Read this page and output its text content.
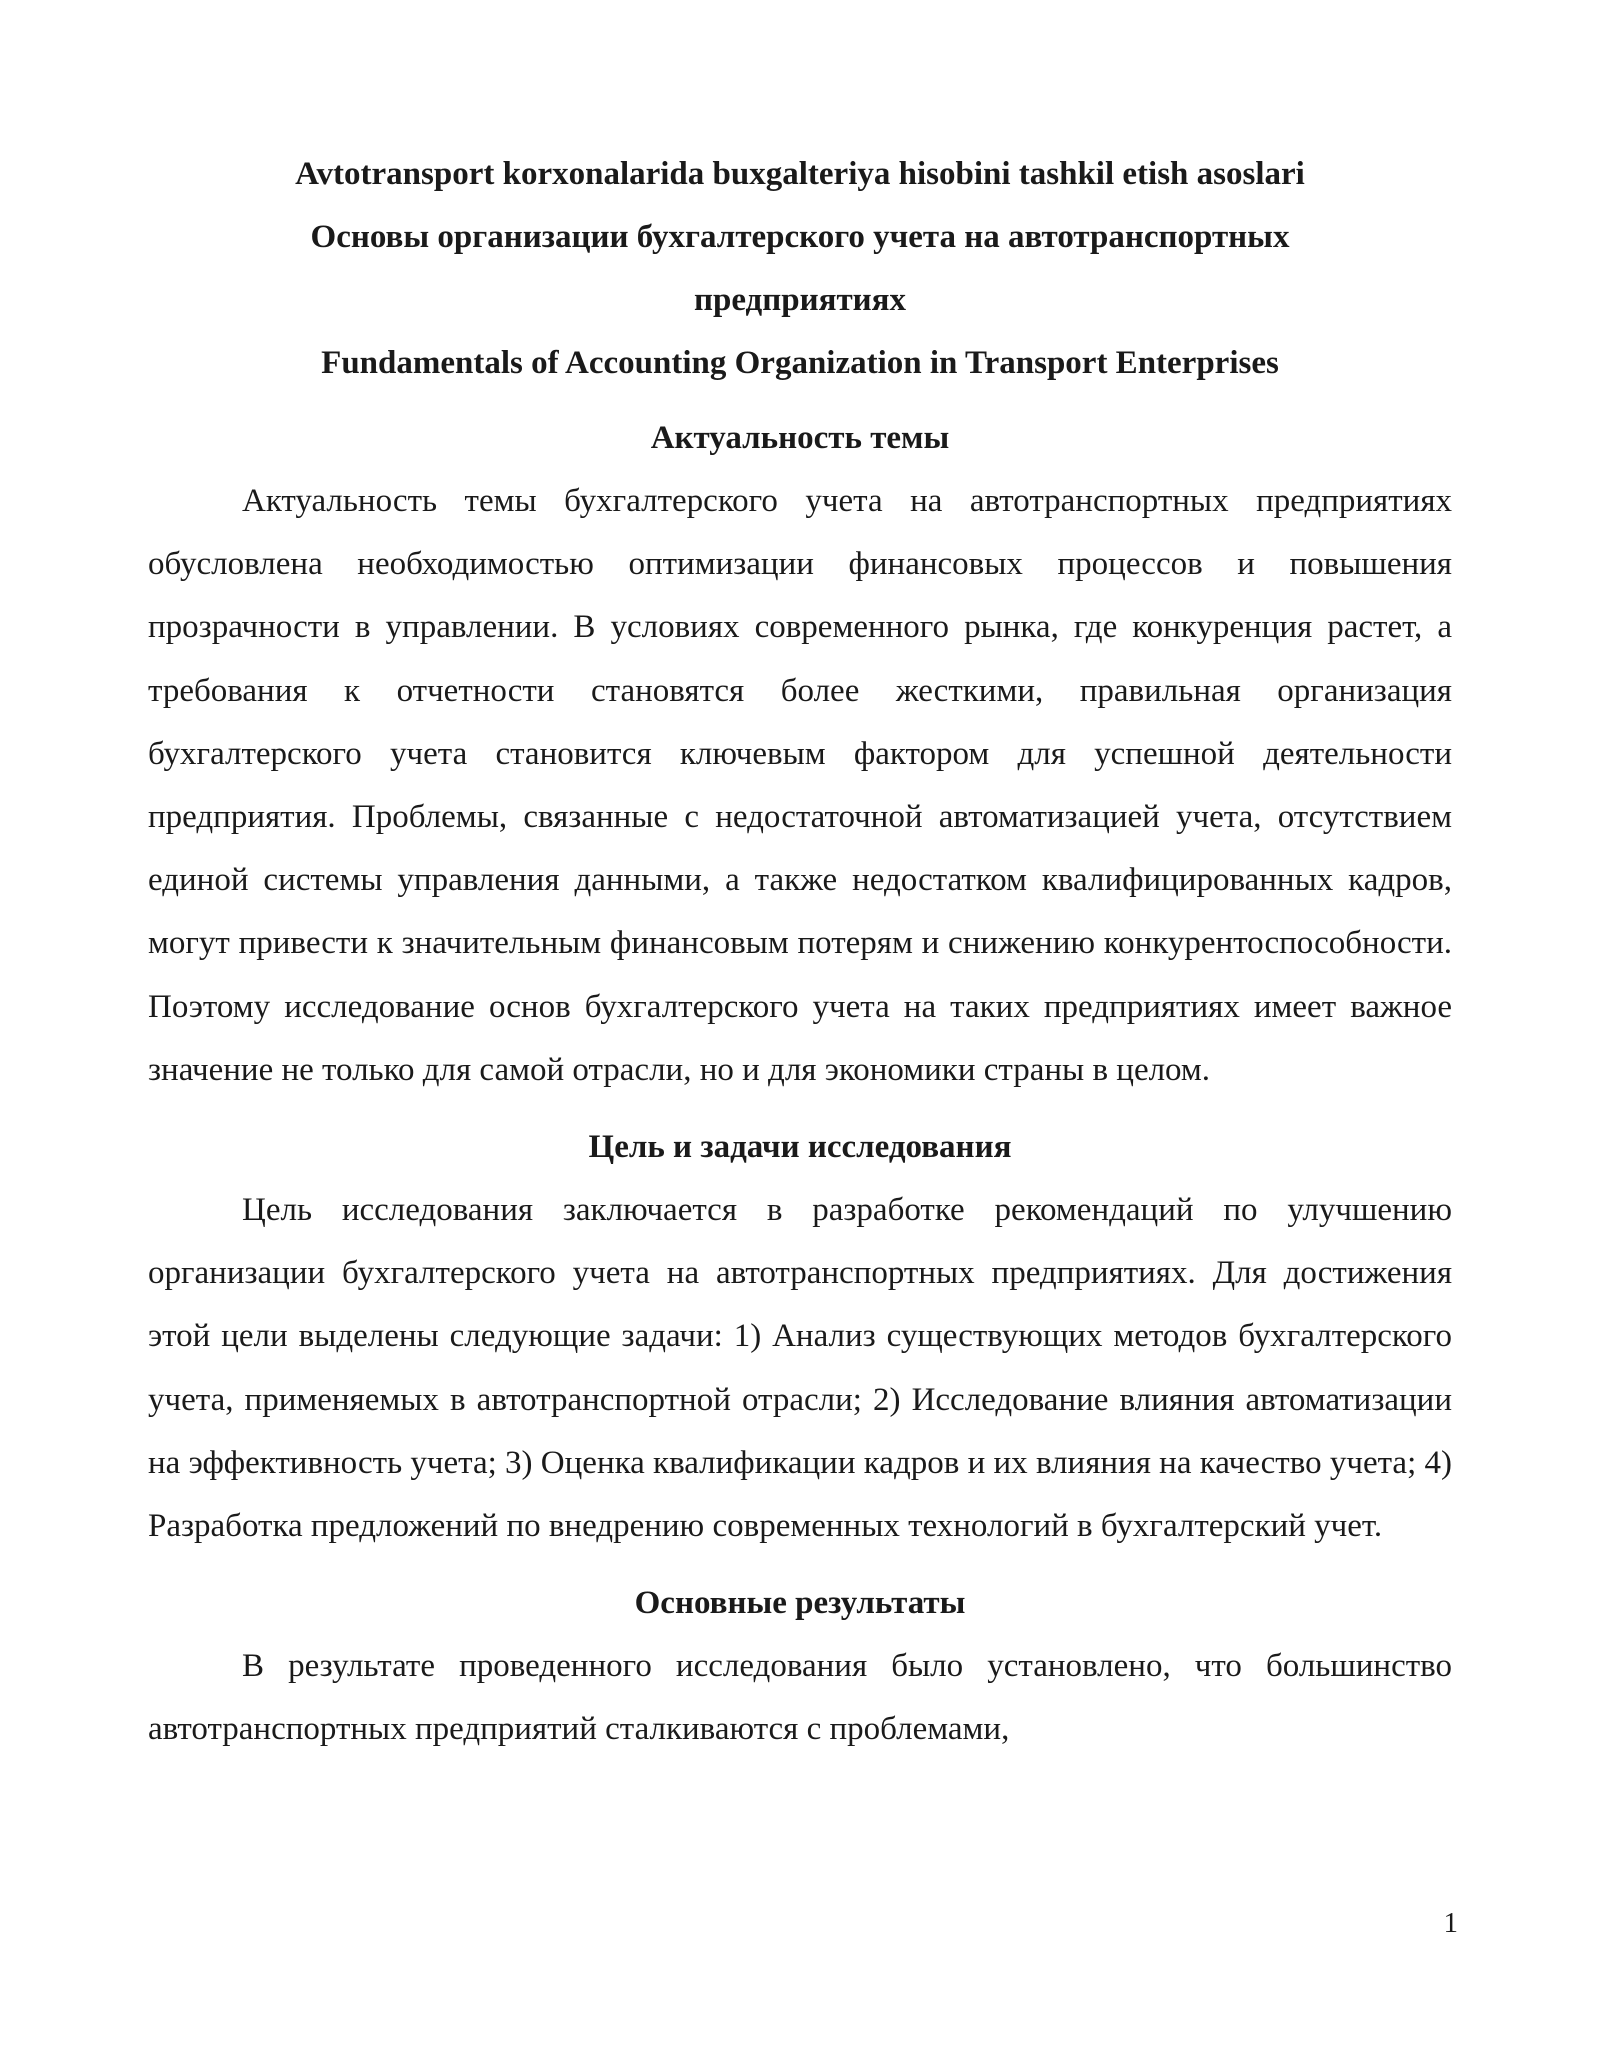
Avtotransport korxonalarida buxgalteriya hisobini tashkil etish asoslari

Основы организации бухгалтерского учета на автотранспортных

предприятиях

Fundamentals of Accounting Organization in Transport Enterprises

Актуальность темы

Актуальность темы бухгалтерского учета на автотранспортных предприятиях обусловлена необходимостью оптимизации финансовых процессов и повышения прозрачности в управлении. В условиях современного рынка, где конкуренция растет, а требования к отчетности становятся более жесткими, правильная организация бухгалтерского учета становится ключевым фактором для успешной деятельности предприятия. Проблемы, связанные с недостаточной автоматизацией учета, отсутствием единой системы управления данными, а также недостатком квалифицированных кадров, могут привести к значительным финансовым потерям и снижению конкурентоспособности. Поэтому исследование основ бухгалтерского учета на таких предприятиях имеет важное значение не только для самой отрасли, но и для экономики страны в целом.

Цель и задачи исследования

Цель исследования заключается в разработке рекомендаций по улучшению организации бухгалтерского учета на автотранспортных предприятиях. Для достижения этой цели выделены следующие задачи: 1) Анализ существующих методов бухгалтерского учета, применяемых в автотранспортной отрасли; 2) Исследование влияния автоматизации на эффективность учета; 3) Оценка квалификации кадров и их влияния на качество учета; 4) Разработка предложений по внедрению современных технологий в бухгалтерский учет.

Основные результаты

В результате проведенного исследования было установлено, что большинство автотранспортных предприятий сталкиваются с проблемами,

1
